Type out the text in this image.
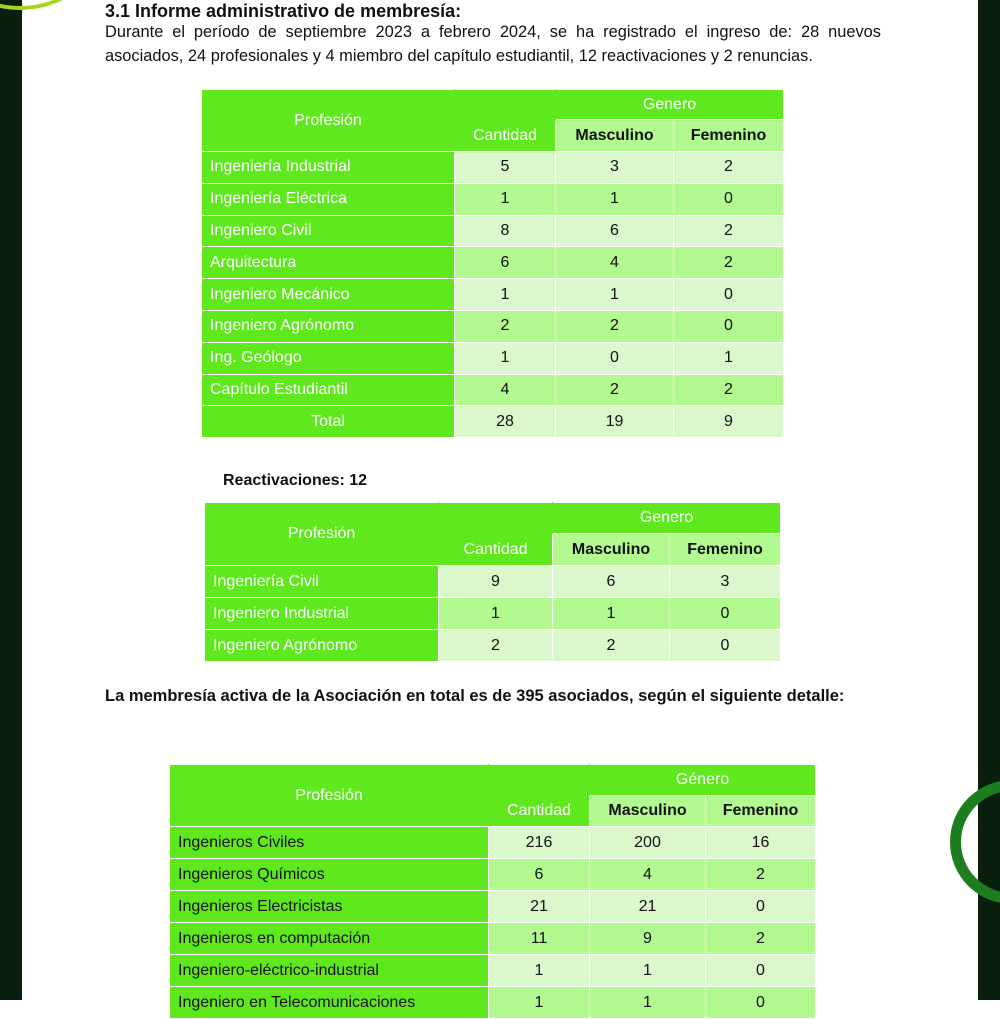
3.1 Informe administrativo de membresía:
Durante el período de septiembre 2023 a febrero 2024, se ha registrado el ingreso de: 28 nuevos asociados, 24 profesionales y 4 miembro del capítulo estudiantil, 12 reactivaciones y 2 renuncias.
Profesión		Genero	
	Cantidad	Masculino	Femenino
Ingeniería Industrial	5	3	2
Ingeniería Eléctrica	1	1	0
Ingeniero Civil	8	6	2
Arquitectura	6	4	2
Ingeniero Mecánico	1	1	0
Ingeniero Agrónomo	2	2	0
Ing. Geólogo	1	0	1
Capítulo Estudiantil	4	2	2
Total	28	19	9
Reactivaciones: 12
Profesión		Genero	
	Cantidad	Masculino	Femenino
Ingeniería Civil	9	6	3
Ingeniero Industrial	1	1	0
Ingeniero Agrónomo	2	2	0
La membresía activa de la Asociación en total es de 395 asociados, según el siguiente detalle:
Profesión		Género	
	Cantidad	Masculino	Femenino
Ingenieros Civiles	216	200	16
Ingenieros Químicos	6	4	2
Ingenieros Electricistas	21	21	0
Ingenieros en computación	11	9	2
Ingeniero-eléctrico-industrial	1	1	0
Ingeniero en Telecomunicaciones	1	1	0
